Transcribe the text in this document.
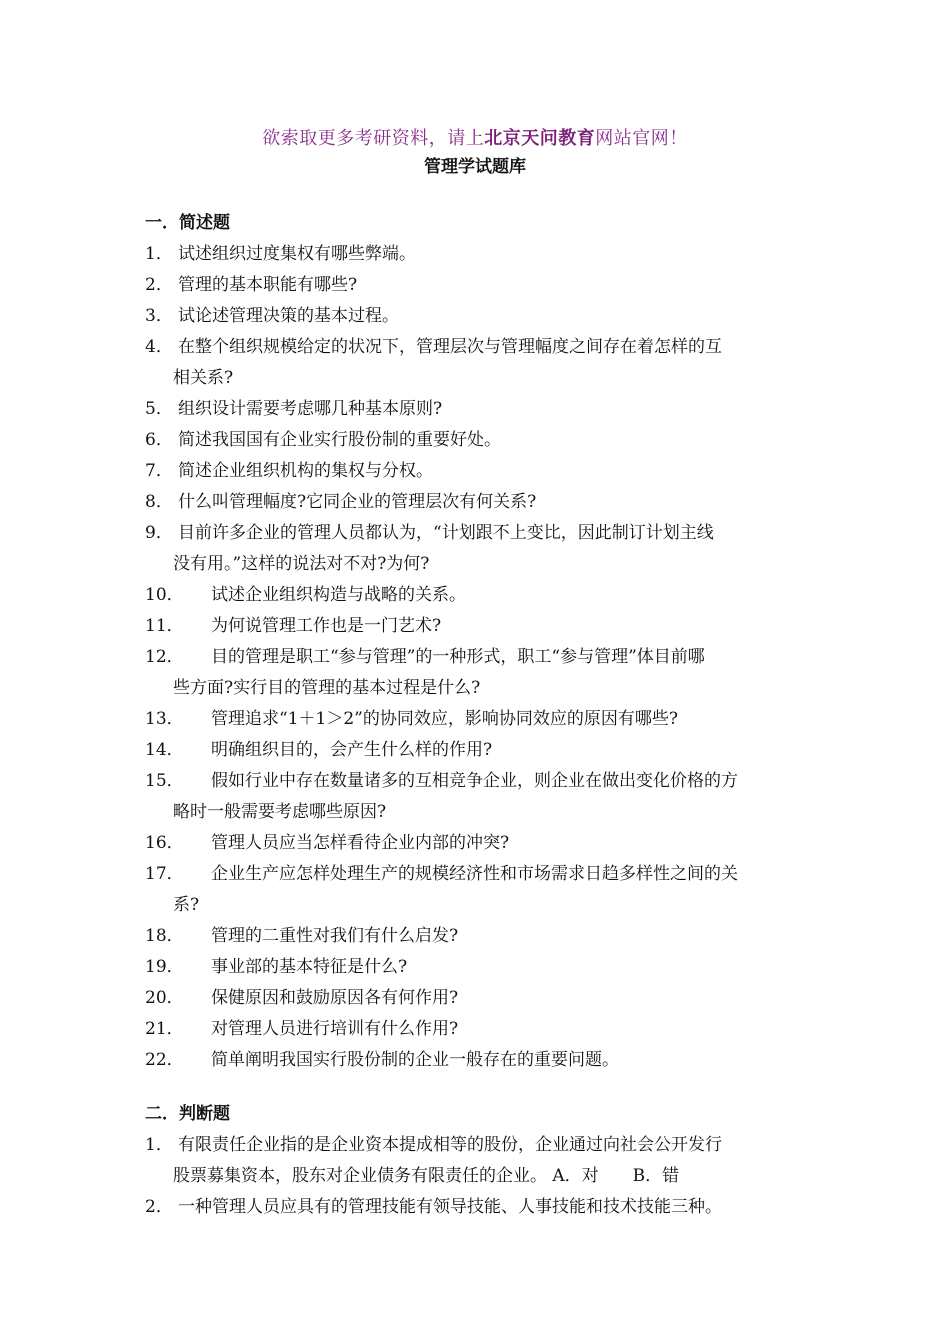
欲索取更多考研资料，请上北京天问教育网站官网！
管理学试题库
一．简述题
1． 试述组织过度集权有哪些弊端。
2． 管理的基本职能有哪些?
3． 试论述管理决策的基本过程。
4． 在整个组织规模给定的状况下，管理层次与管理幅度之间存在着怎样的互
相关系?
5． 组织设计需要考虑哪几种基本原则?
6． 简述我国国有企业实行股份制的重要好处。
7． 简述企业组织机构的集权与分权。
8． 什么叫管理幅度?它同企业的管理层次有何关系?
9． 目前许多企业的管理人员都认为，“计划跟不上变比，因此制订计划主线
没有用。”这样的说法对不对?为何?
10．	试述企业组织构造与战略的关系。
11．	为何说管理工作也是一门艺术?
12．	目的管理是职工“参与管理”的一种形式，职工“参与管理”体目前哪
些方面?实行目的管理的基本过程是什么?
13．	管理追求“1＋1＞2”的协同效应，影响协同效应的原因有哪些?
14．	明确组织目的，会产生什么样的作用?
15．	假如行业中存在数量诸多的互相竞争企业，则企业在做出变化价格的方
略时一般需要考虑哪些原因?
16．	管理人员应当怎样看待企业内部的冲突?
17．	企业生产应怎样处理生产的规模经济性和市场需求日趋多样性之间的关
系?
18．	管理的二重性对我们有什么启发?
19．	事业部的基本特征是什么?
20．	保健原因和鼓励原因各有何作用?
21．	对管理人员进行培训有什么作用?
22．	简单阐明我国实行股份制的企业一般存在的重要问题。
二．判断题
1． 有限责任企业指的是企业资本提成相等的股份，企业通过向社会公开发行
股票募集资本，股东对企业债务有限责任的企业。 A．对　　B．错
2． 一种管理人员应具有的管理技能有领导技能、人事技能和技术技能三种。
